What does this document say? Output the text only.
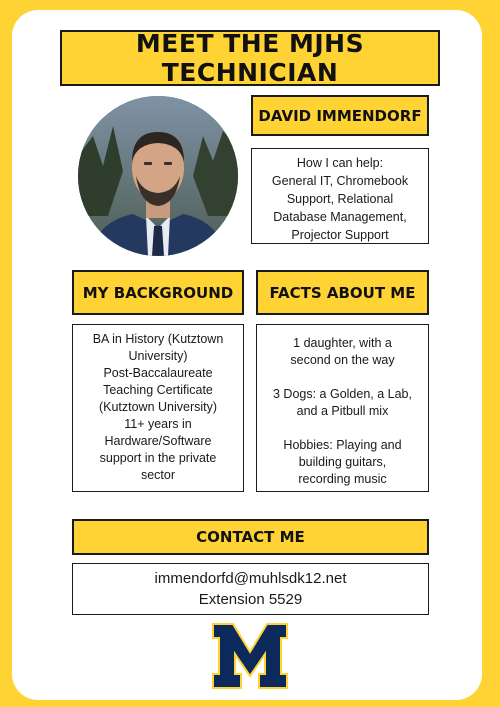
MEET THE MJHS TECHNICIAN
DAVID IMMENDORF
How I can help:
General IT, Chromebook
Support, Relational
Database Management,
Projector Support
MY BACKGROUND	FACTS ABOUT ME
BA in History (Kutztown
University)
Post-Baccalaureate
Teaching Certificate
(Kutztown University)
11+ years in
Hardware/Software
support in the private
sector

1 daughter, with a
second on the way

3 Dogs: a Golden, a Lab,
and a Pitbull mix

Hobbies: Playing and
building guitars,
recording music

CONTACT ME
immendorfd@muhlsdk12.net
Extension 5529
